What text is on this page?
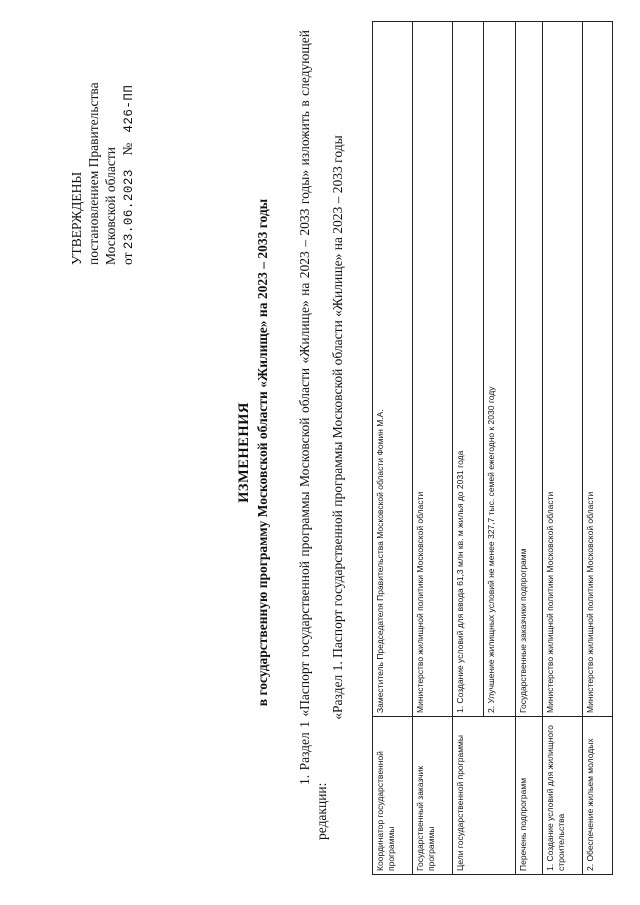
УТВЕРЖДЕНЫ постановлением Правительства Московской области от 23.06.2023    №   426-ПП
ИЗМЕНЕНИЯ в государственную программу Московской области «Жилище» на 2023 – 2033 годы 1. Раздел 1 «Паспорт государственной программы Московской области «Жилище» на 2023 – 2033 годы» изложить в следующей редакции:
«Раздел 1. Паспорт государственной программы Московской области «Жилище» на 2023 – 2033 годы
Координатор государственной программы	Заместитель Председателя Правительства Московской области Фомин М.А.
Государственный заказчик программы	Министерство жилищной политики Московской области
Цели государственной программы	1. Создание условий для ввода 61,3 млн кв. м жилья до 2031 года
	2. Улучшение жилищных условий не менее 327,7 тыс. семей ежегодно к 2030 году
Перечень подпрограмм	Государственные заказчики подпрограмм
1. Создание условий для жилищного строительства	Министерство жилищной политики Московской области
2. Обеспечение жильем молодых	Министерство жилищной политики Московской области
